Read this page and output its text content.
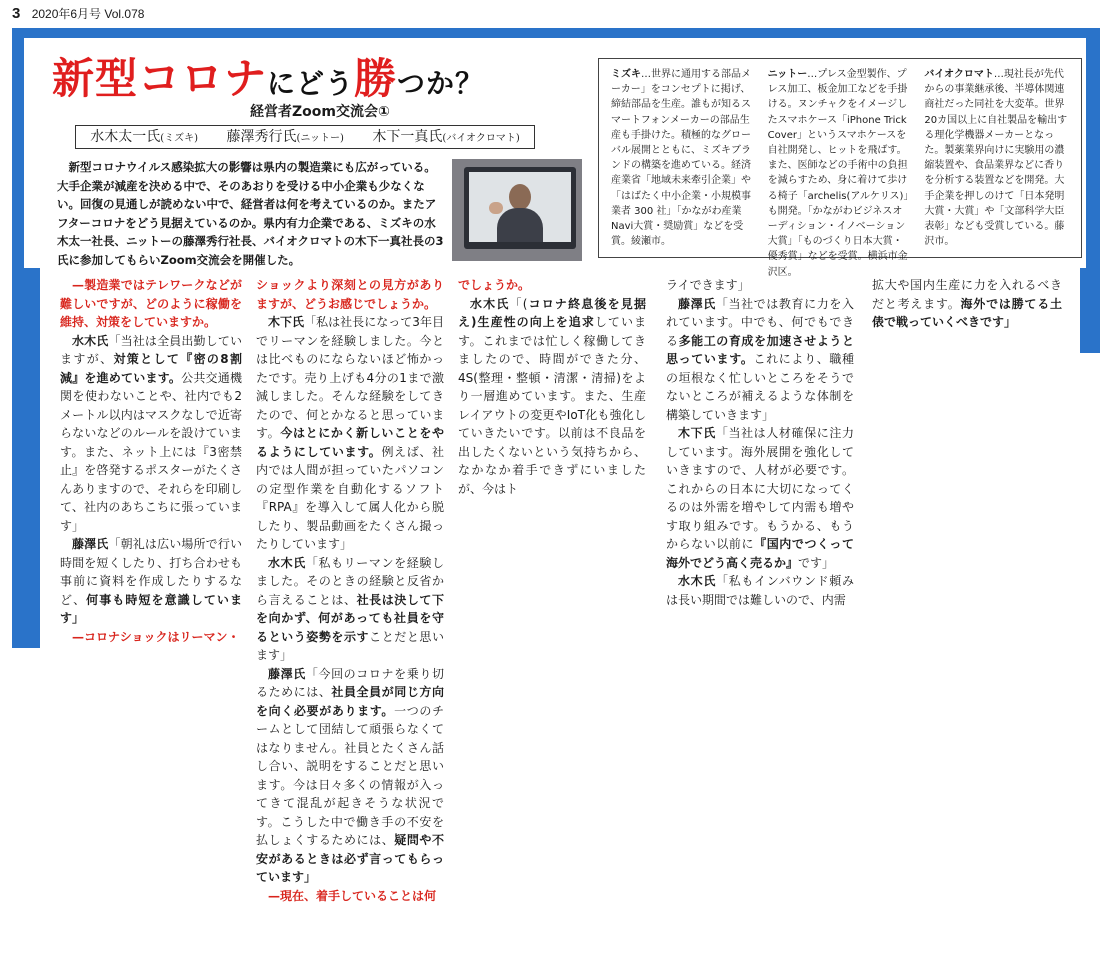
3 2020年6月号 Vol.078
新型コロナにどう勝つか？
経営者Zoom交流会①
水木太一氏(ミズキ) 藤澤秀行氏(ニットー) 木下一真氏(バイオクロマト)

新型コロナウイルス感染拡大の影響は県内の製造業にも広がっている。大手企業が減産を決める中で、そのあおりを受ける中小企業も少なくない。回復の見通しが読めない中で、経営者は何を考えているのか。またアフターコロナをどう見据えているのか。県内有力企業である、ミズキの水木太一社長、ニットーの藤澤秀行社長、バイオクロマトの木下一真社長の3氏に参加してもらいZoom交流会を開催した。

ミズキ…世界に通用する部品メーカー」をコンセプトに掲げ、締結部品を生産。誰もが知るスマートフォンメーカーの部品生産も手掛けた。積極的なグローバル展開とともに、ミズキブランドの構築を進めている。経済産業省「地域未来牽引企業」や「はばたく中小企業・小規模事業者 300 社」「かながわ産業Navi大賞・奨励賞」などを受賞。綾瀬市。
ニットー…プレス金型製作、プレス加工、板金加工などを手掛ける。ヌンチャクをイメージしたスマホケース「iPhone Trick Cover」というスマホケースを自社開発し、ヒットを飛ばす。また、医師などの手術中の負担を減らすため、身に着けて歩ける椅子「archelis(アルケリス)」も開発。「かながわビジネスオーディション・イノベーション大賞」「ものづくり日本大賞・優秀賞」などを受賞。横浜市金沢区。
バイオクロマト…現社長が先代からの事業継承後、半導体関連商社だった同社を大変革。世界20カ国以上に自社製品を輸出する理化学機器メーカーとなった。製薬業界向けに実験用の濃縮装置や、食品業界などに香りを分析する装置などを開発。大手企業を押しのけて「日本発明大賞・大賞」や「文部科学大臣表彰」なども受賞している。藤沢市。

—製造業ではテレワークなどが難しいですが、どのように稼働を維持、対策をしていますか。

水木氏「当社は全員出勤していますが、対策として『密の8割減』を進めています。公共交通機関を使わないことや、社内でも2メートル以内はマスクなしで近寄らないなどのルールを設けています。また、ネット上には『3密禁止』を啓発するポスターがたくさんありますので、それらを印刷して、社内のあちこちに張っています」

藤澤氏「朝礼は広い場所で行い時間を短くしたり、打ち合わせも事前に資料を作成したりするなど、何事も時短を意識しています」

—コロナショックはリーマン・

ショックより深刻との見方がありますが、どうお感じでしょうか。

木下氏「私は社長になって3年目でリーマンを経験しました。今とは比べものにならないほど怖かったです。売り上げも4分の1まで激減しました。そんな経験をしてきたので、何とかなると思っています。今はとにかく新しいことをやるようにしています。例えば、社内では人間が担っていたパソコンの定型作業を自動化するソフト『RPA』を導入して属人化から脱したり、製品動画をたくさん撮ったりしています」

水木氏「私もリーマンを経験しました。そのときの経験と反省から言えることは、社長は決して下を向かず、何があっても社員を守るという姿勢を示すことだと思います」

藤澤氏「今回のコロナを乗り切るためには、社員全員が同じ方向を向く必要があります。一つのチームとして団結して頑張らなくてはなりません。社員とたくさん話し合い、説明をすることだと思います。今は日々多くの情報が入ってきて混乱が起きそうな状況です。こうした中で働き手の不安を払しょくするためには、疑問や不安があるときは必ず言ってもらっています」

—現在、着手していることは何

でしょうか。

水木氏「(コロナ終息後を見据え)生産性の向上を追求しています。これまでは忙しく稼働してきましたので、時間ができた分、4S(整理・整頓・清潔・清掃)をより一層進めています。また、生産レイアウトの変更やIoT化も強化していきたいです。以前は不良品を出したくないという気持ちから、なかなか着手できずにいましたが、今はト

ライできます」

藤澤氏「当社では教育に力を入れています。中でも、何でもできる多能工の育成を加速させようと思っています。これにより、職種の垣根なく忙しいところをそうでないところが補えるような体制を構築していきます」

木下氏「当社は人材確保に注力しています。海外展開を強化していきますので、人材が必要です。これからの日本に大切になってくるのは外需を増やして内需も増やす取り組みです。もうかる、もうからない以前に『国内でつくって海外でどう高く売るか』です」

水木氏「私もインバウンド頼みは長い期間では難しいので、内需

拡大や国内生産に力を入れるべきだと考えます。海外では勝てる土俵で戦っていくべきです」
